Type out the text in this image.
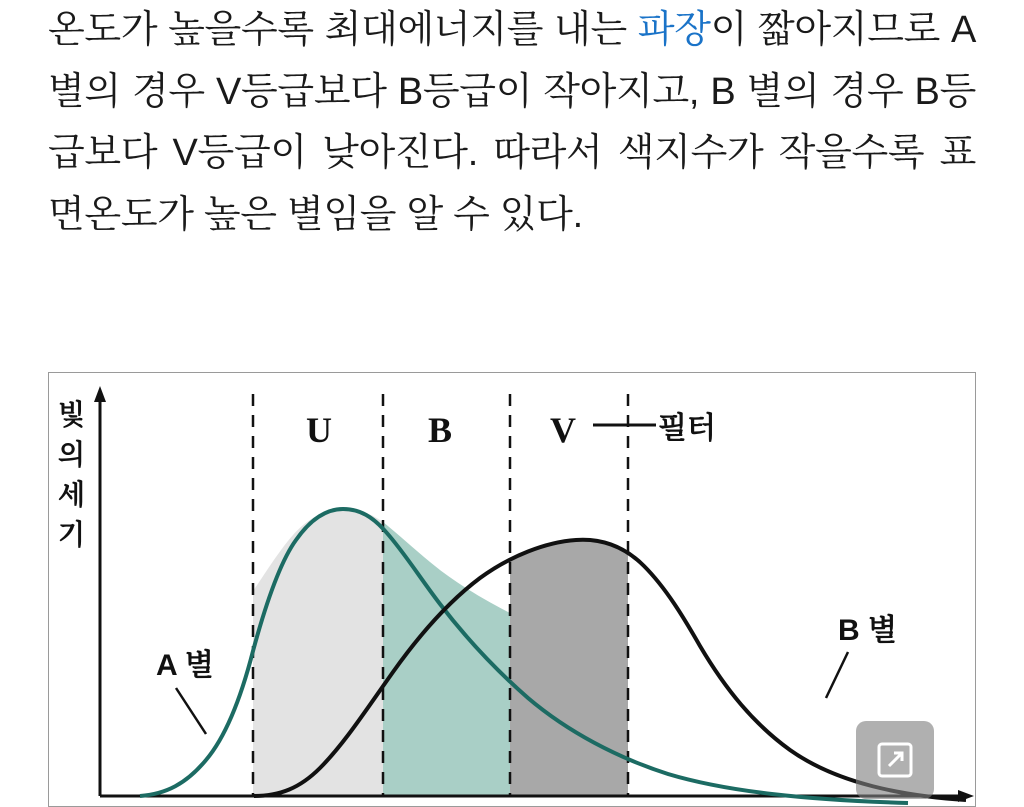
온도가 높을수록 최대에너지를 내는 파장이 짧아지므로 A 별의 경우 V등급보다 B등급이 작아지고, B 별의 경우 B등급보다 V등급이 낮아진다. 따라서 색지수가 작을수록 표면온도가 높은 별임을 알 수 있다.
A 별
B 별
U	B	V	필터
빛
의
세
기
